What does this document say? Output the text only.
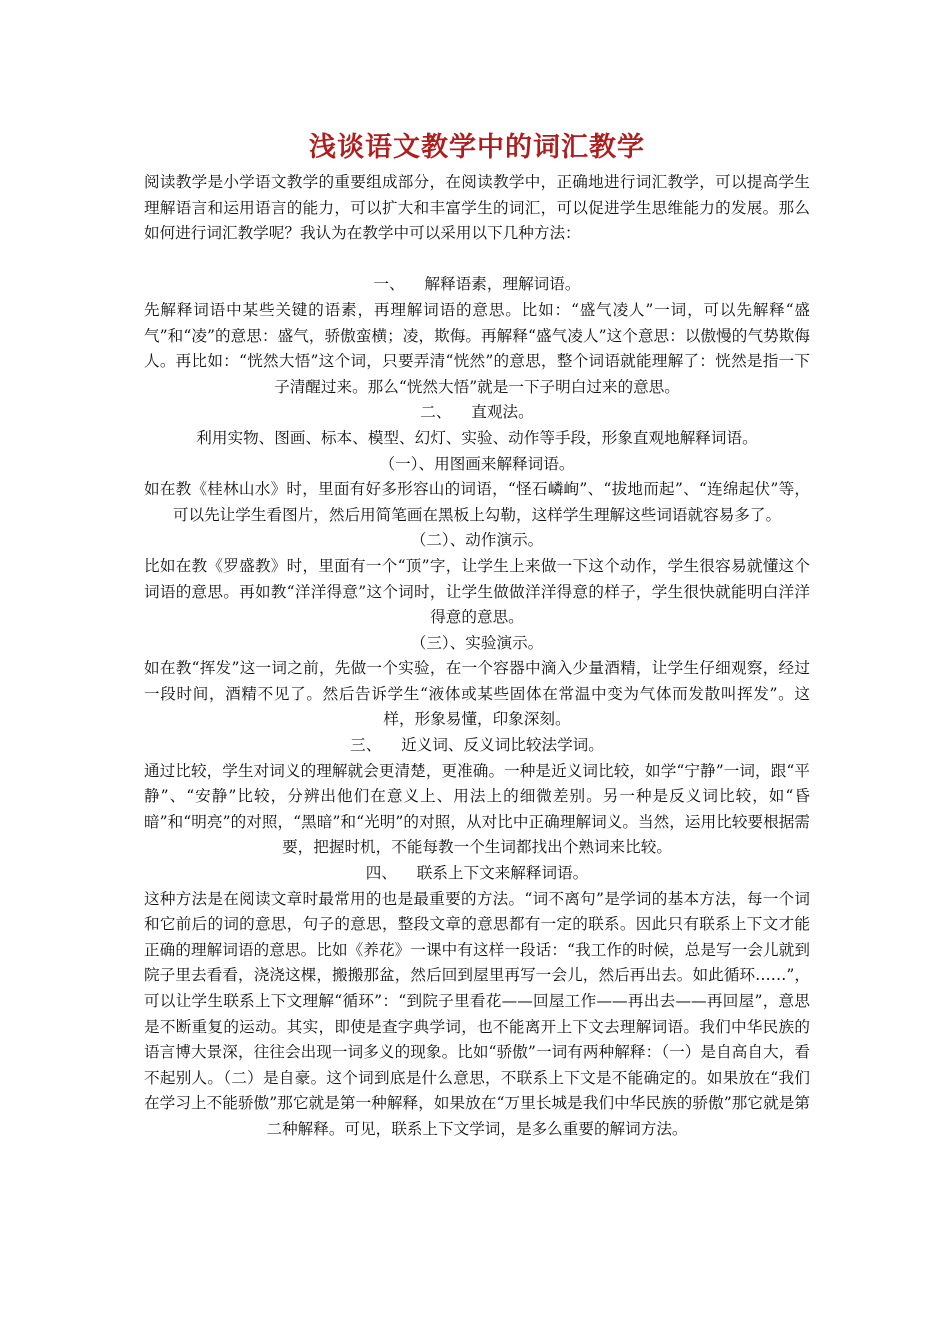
浅谈语文教学中的词汇教学

阅读教学是小学语文教学的重要组成部分，在阅读教学中，正确地进行词汇教学，可以提高学生理解语言和运用语言的能力，可以扩大和丰富学生的词汇，可以促进学生思维能力的发展。那么如何进行词汇教学呢？我认为在教学中可以采用以下几种方法：

一、    解释语素，理解词语。

先解释词语中某些关键的语素，再理解词语的意思。比如：“盛气凌人”一词，可以先解释“盛气”和“凌”的意思：盛气，骄傲蛮横；凌，欺侮。再解释“盛气凌人”这个意思：以傲慢的气势欺侮人。再比如：“恍然大悟”这个词，只要弄清“恍然”的意思，整个词语就能理解了：恍然是指一下子清醒过来。那么“恍然大悟”就是一下子明白过来的意思。

二、    直观法。

利用实物、图画、标本、模型、幻灯、实验、动作等手段，形象直观地解释词语。

（一）、用图画来解释词语。

如在教《桂林山水》时，里面有好多形容山的词语，“怪石嶙峋”、“拔地而起”、“连绵起伏”等，可以先让学生看图片，然后用简笔画在黑板上勾勒，这样学生理解这些词语就容易多了。

（二）、动作演示。

比如在教《罗盛教》时，里面有一个“顶”字，让学生上来做一下这个动作，学生很容易就懂这个词语的意思。再如教“洋洋得意”这个词时，让学生做做洋洋得意的样子，学生很快就能明白洋洋得意的意思。

（三）、实验演示。

如在教“挥发”这一词之前，先做一个实验，在一个容器中滴入少量酒精，让学生仔细观察，经过一段时间，酒精不见了。然后告诉学生“液体或某些固体在常温中变为气体而发散叫挥发”。这样，形象易懂，印象深刻。

三、    近义词、反义词比较法学词。

通过比较，学生对词义的理解就会更清楚，更准确。一种是近义词比较，如学“宁静”一词，跟“平静”、“安静”比较，分辨出他们在意义上、用法上的细微差别。另一种是反义词比较，如“昏暗”和“明亮”的对照，“黑暗”和“光明”的对照，从对比中正确理解词义。当然，运用比较要根据需要，把握时机，不能每教一个生词都找出个熟词来比较。

四、    联系上下文来解释词语。

这种方法是在阅读文章时最常用的也是最重要的方法。“词不离句”是学词的基本方法，每一个词和它前后的词的意思，句子的意思，整段文章的意思都有一定的联系。因此只有联系上下文才能正确的理解词语的意思。比如《养花》一课中有这样一段话：“我工作的时候，总是写一会儿就到院子里去看看，浇浇这棵，搬搬那盆，然后回到屋里再写一会儿，然后再出去。如此循环……”，可以让学生联系上下文理解“循环”：“到院子里看花——回屋工作——再出去——再回屋”，意思是不断重复的运动。其实，即使是查字典学词，也不能离开上下文去理解词语。我们中华民族的语言博大景深，往往会出现一词多义的现象。比如“骄傲”一词有两种解释：（一）是自高自大，看不起别人。（二）是自豪。这个词到底是什么意思，不联系上下文是不能确定的。如果放在“我们在学习上不能骄傲”那它就是第一种解释，如果放在“万里长城是我们中华民族的骄傲”那它就是第二种解释。可见，联系上下文学词，是多么重要的解词方法。
